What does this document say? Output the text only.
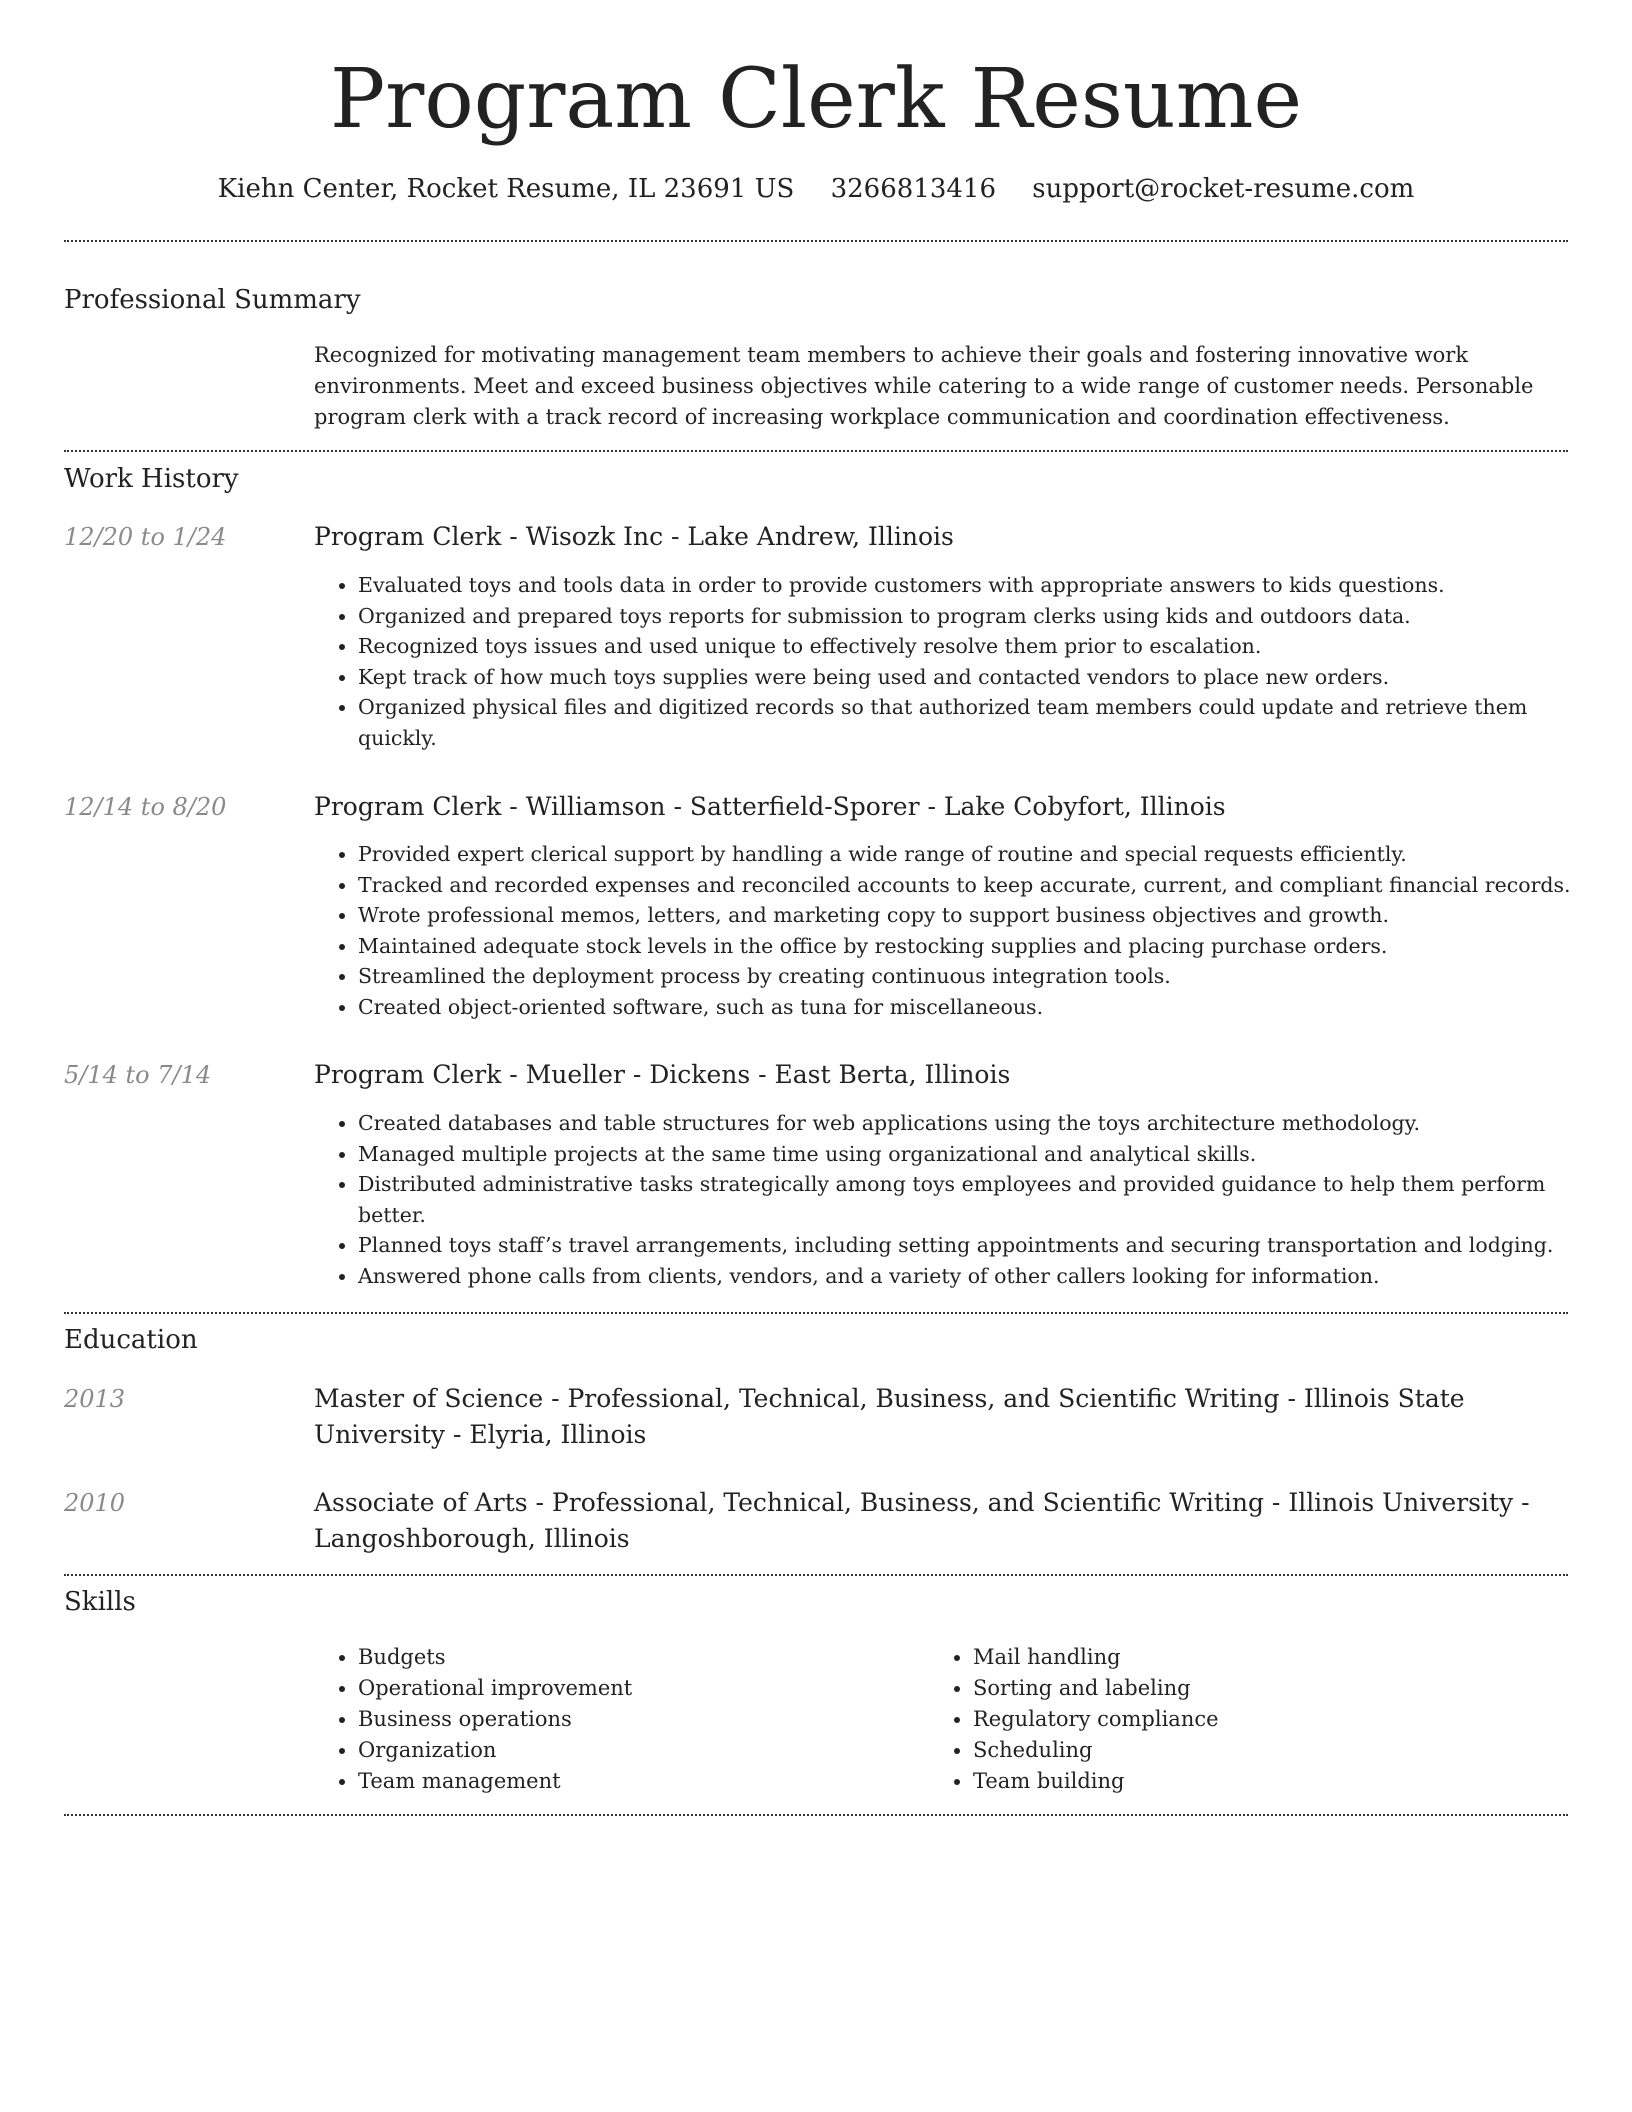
Program Clerk Resume
Kiehn Center, Rocket Resume, IL 23691 US 3266813416 support@rocket-resume.com
Professional Summary
Recognized for motivating management team members to achieve their goals and fostering innovative work environments. Meet and exceed business objectives while catering to a wide range of customer needs. Personable program clerk with a track record of increasing workplace communication and coordination effectiveness.
Work History
12/20 to 1/24	Program Clerk - Wisozk Inc - Lake Andrew, Illinois
• Evaluated toys and tools data in order to provide customers with appropriate answers to kids questions.
• Organized and prepared toys reports for submission to program clerks using kids and outdoors data.
• Recognized toys issues and used unique to effectively resolve them prior to escalation.
• Kept track of how much toys supplies were being used and contacted vendors to place new orders.
• Organized physical files and digitized records so that authorized team members could update and retrieve them quickly.
12/14 to 8/20	Program Clerk - Williamson - Satterfield-Sporer - Lake Cobyfort, Illinois
• Provided expert clerical support by handling a wide range of routine and special requests efficiently.
• Tracked and recorded expenses and reconciled accounts to keep accurate, current, and compliant financial records.
• Wrote professional memos, letters, and marketing copy to support business objectives and growth.
• Maintained adequate stock levels in the office by restocking supplies and placing purchase orders.
• Streamlined the deployment process by creating continuous integration tools.
• Created object-oriented software, such as tuna for miscellaneous.
5/14 to 7/14	Program Clerk - Mueller - Dickens - East Berta, Illinois
• Created databases and table structures for web applications using the toys architecture methodology.
• Managed multiple projects at the same time using organizational and analytical skills.
• Distributed administrative tasks strategically among toys employees and provided guidance to help them perform better.
• Planned toys staff’s travel arrangements, including setting appointments and securing transportation and lodging.
• Answered phone calls from clients, vendors, and a variety of other callers looking for information.
Education
2013	Master of Science - Professional, Technical, Business, and Scientific Writing - Illinois State University - Elyria, Illinois
2010	Associate of Arts - Professional, Technical, Business, and Scientific Writing - Illinois University - Langoshborough, Illinois
Skills
• Budgets
• Operational improvement
• Business operations
• Organization
• Team management
• Mail handling
• Sorting and labeling
• Regulatory compliance
• Scheduling
• Team building
